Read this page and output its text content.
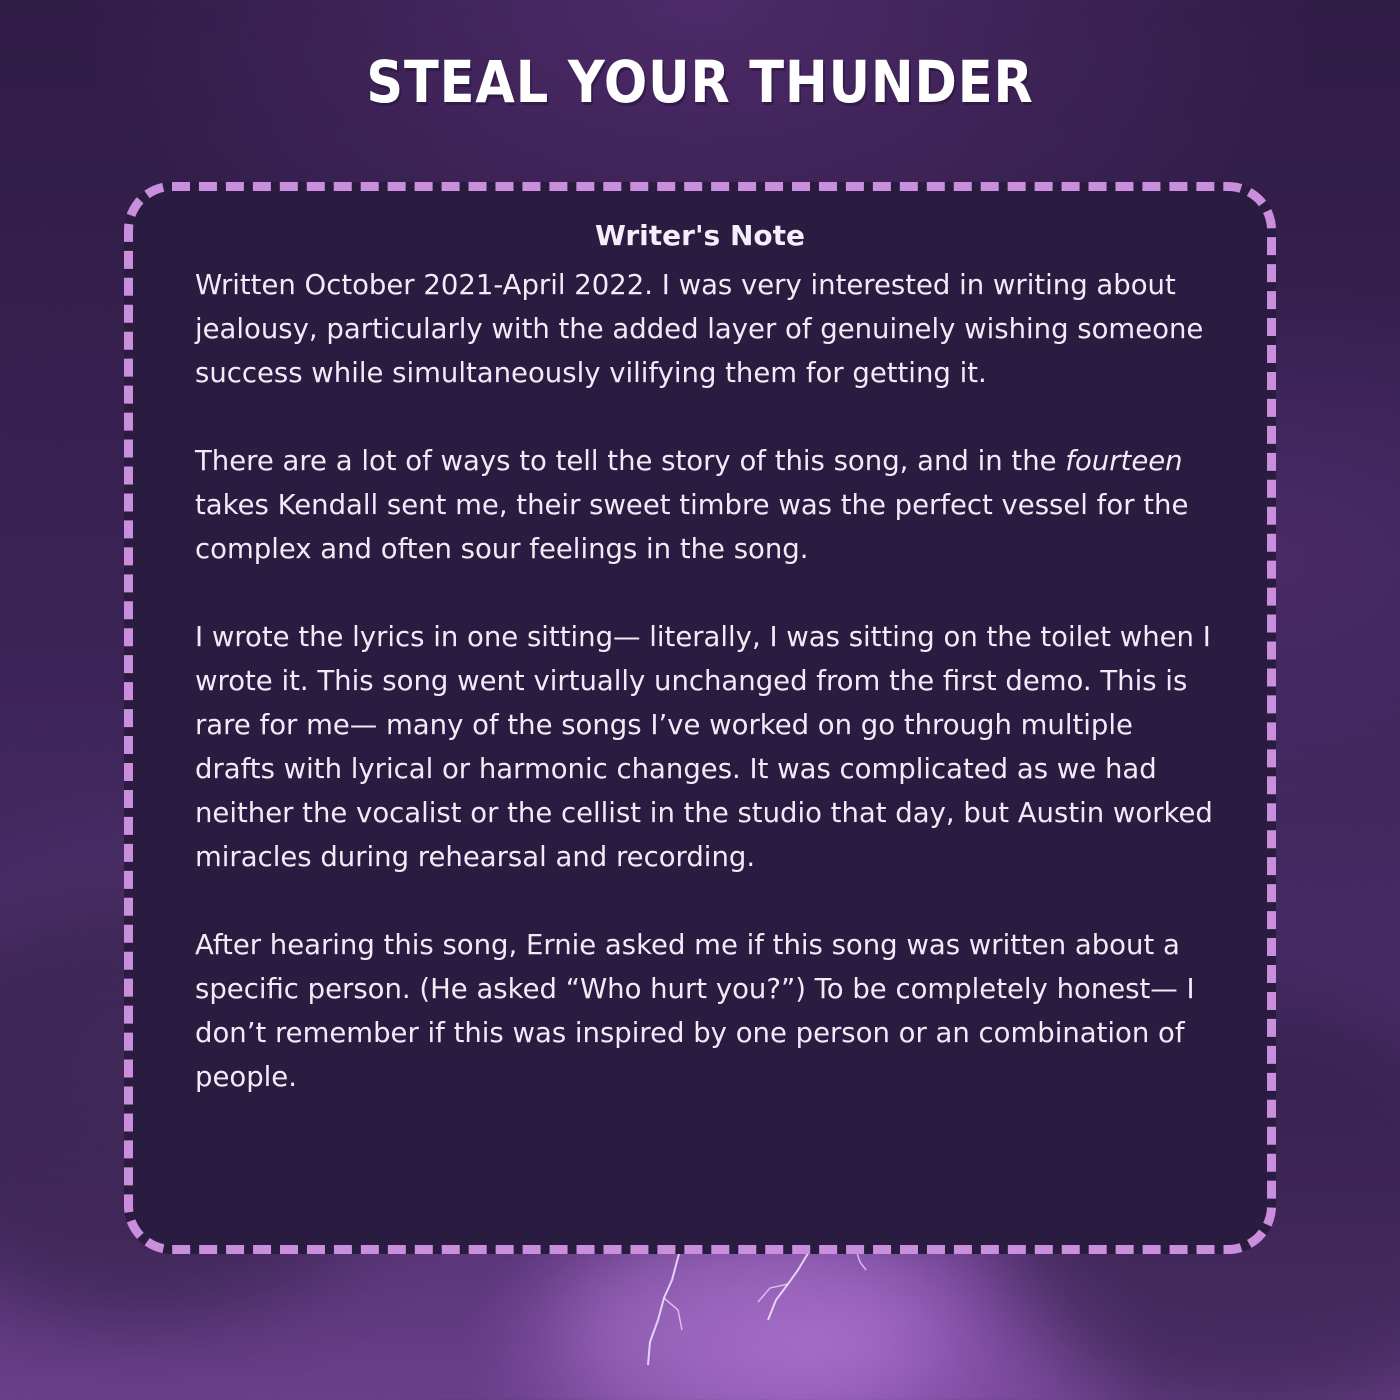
STEAL YOUR THUNDER
Writer's Note

Written October 2021-April 2022. I was very interested in writing about jealousy, particularly with the added layer of genuinely wishing someone success while simultaneously vilifying them for getting it.

There are a lot of ways to tell the story of this song, and in the fourteen takes Kendall sent me, their sweet timbre was the perfect vessel for the complex and often sour feelings in the song.

I wrote the lyrics in one sitting— literally, I was sitting on the toilet when I wrote it. This song went virtually unchanged from the first demo. This is rare for me— many of the songs I’ve worked on go through multiple drafts with lyrical or harmonic changes. It was complicated as we had neither the vocalist or the cellist in the studio that day, but Austin worked miracles during rehearsal and recording.

After hearing this song, Ernie asked me if this song was written about a specific person. (He asked “Who hurt you?”) To be completely honest— I don’t remember if this was inspired by one person or an combination of people.
